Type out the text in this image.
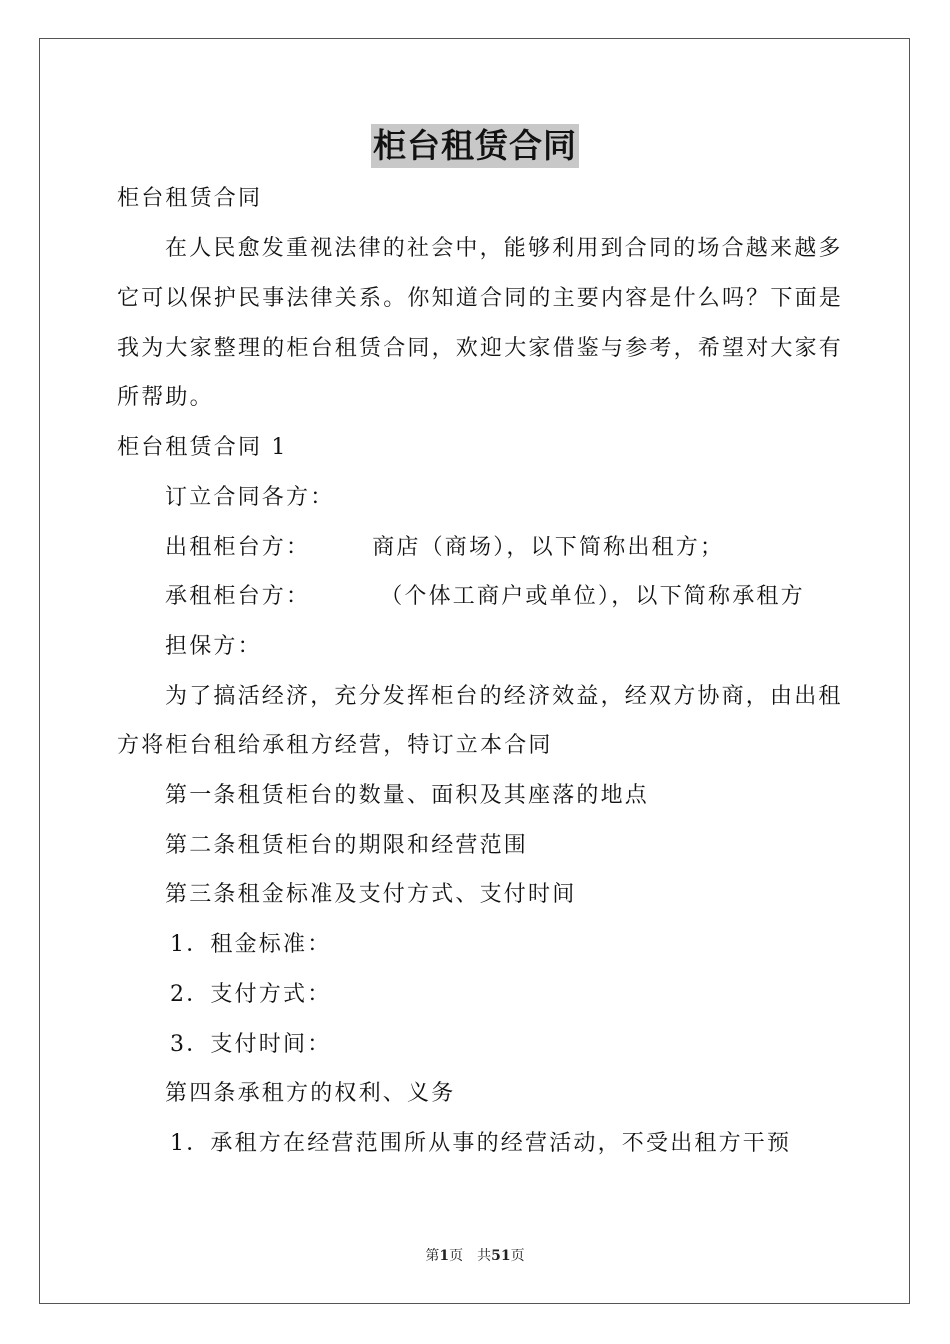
柜台租赁合同
柜台租赁合同
在人民愈发重视法律的社会中，能够利用到合同的场合越来越多
它可以保护民事法律关系。你知道合同的主要内容是什么吗？下面是
我为大家整理的柜台租赁合同，欢迎大家借鉴与参考，希望对大家有
所帮助。
柜台租赁合同 1
订立合同各方：
出租柜台方：	商店（商场），以下简称出租方；
承租柜台方：	（个体工商户或单位），以下简称承租方
担保方：
为了搞活经济，充分发挥柜台的经济效益，经双方协商，由出租
方将柜台租给承租方经营，特订立本合同
第一条租赁柜台的数量、面积及其座落的地点
第二条租赁柜台的期限和经营范围
第三条租金标准及支付方式、支付时间
1．租金标准：
2．支付方式：
3．支付时间：
第四条承租方的权利、义务
1．承租方在经营范围所从事的经营活动，不受出租方干预
第1页 共51页
